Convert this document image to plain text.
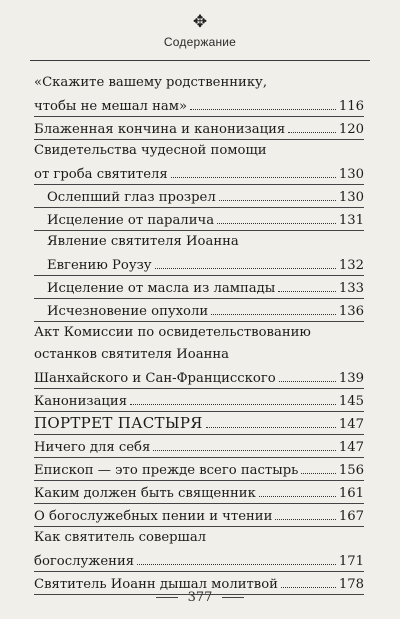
✥
Содержание
«Скажите вашему родственнику,
чтобы не мешал нам»	116
Блаженная кончина и канонизация	120
Свидетельства чудесной помощи
от гроба святителя	130
Ослепший глаз прозрел	130
Исцеление от паралича	131
Явление святителя Иоанна
Евгению Роузу	132
Исцеление от масла из лампады	133
Исчезновение опухоли	136
Акт Комиссии по освидетельствованию
останков святителя Иоанна
Шанхайского и Сан-Францисского	139
Канонизация	145
ПОРТРЕТ ПАСТЫРЯ	147
Ничего для себя	147
Епископ — это прежде всего пастырь	156
Каким должен быть священник	161
О богослужебных пении и чтении	167
Как святитель совершал
богослужения	171
Святитель Иоанн дышал молитвой	178
377
